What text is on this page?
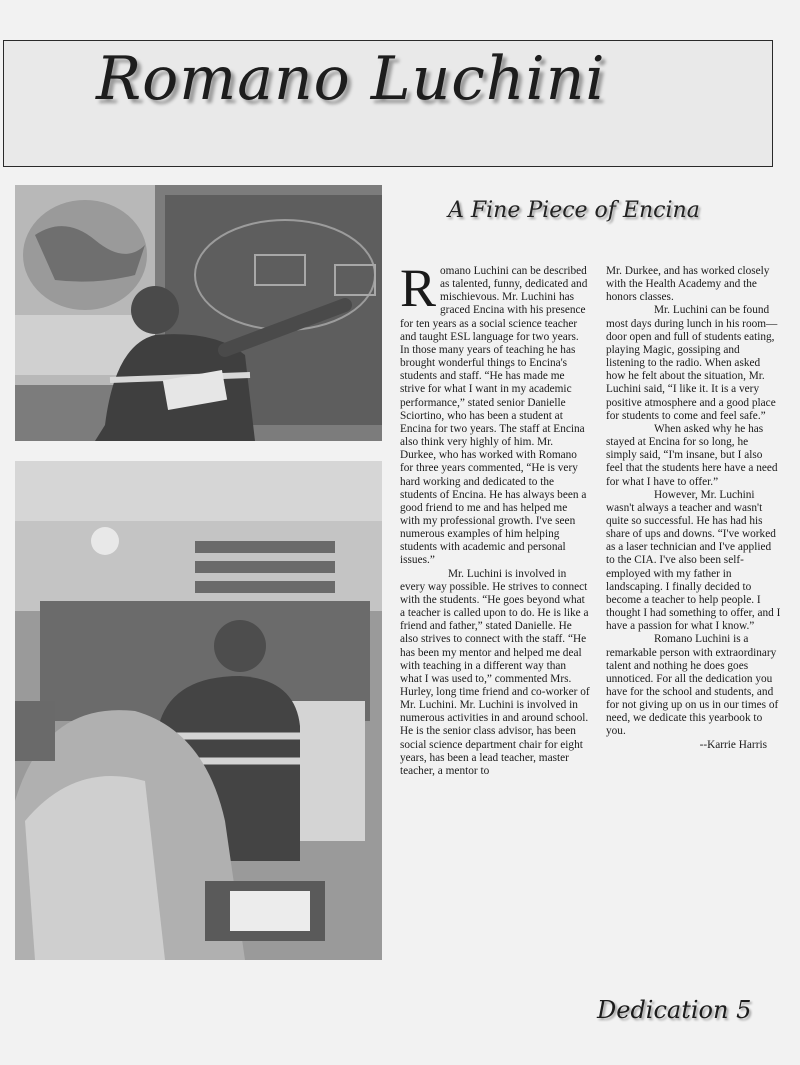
Romano Luchini
A Fine Piece of Encina

Romano Luchini can be described as talented, funny, dedicated and mischievous. Mr. Luchini has graced Encina with his presence for ten years as a social science teacher and taught ESL language for two years. In those many years of teaching he has brought wonderful things to Encina's students and staff. “He has made me strive for what I want in my academic performance,” stated senior Danielle Sciortino, who has been a student at Encina for two years. The staff at Encina also think very highly of him. Mr. Durkee, who has worked with Romano for three years commented, “He is very hard working and dedicated to the students of Encina. He has always been a good friend to me and has helped me with my professional growth. I've seen numerous examples of him helping students with academic and personal issues.”

Mr. Luchini is involved in every way possible. He strives to connect with the students. “He goes beyond what a teacher is called upon to do. He is like a friend and father,” stated Danielle. He also strives to connect with the staff. “He has been my mentor and helped me deal with teaching in a different way than what I was used to,” commented Mrs. Hurley, long time friend and co-worker of Mr. Luchini. Mr. Luchini is involved in numerous activities in and around school. He is the senior class advisor, has been social science department chair for eight years, has been a lead teacher, master teacher, a mentor to

Mr. Durkee, and has worked closely with the Health Academy and the honors classes.

Mr. Luchini can be found most days during lunch in his room—door open and full of students eating, playing Magic, gossiping and listening to the radio. When asked how he felt about the situation, Mr. Luchini said, “I like it. It is a very positive atmosphere and a good place for students to come and feel safe.”

When asked why he has stayed at Encina for so long, he simply said, “I'm insane, but I also feel that the students here have a need for what I have to offer.”

However, Mr. Luchini wasn't always a teacher and wasn't quite so successful. He has had his share of ups and downs. “I've worked as a laser technician and I've applied to the CIA. I've also been self-employed with my father in landscaping. I finally decided to become a teacher to help people. I thought I had something to offer, and I have a passion for what I know.”

Romano Luchini is a remarkable person with extraordinary talent and nothing he does goes unnoticed. For all the dedication you have for the school and students, and for not giving up on us in our times of need, we dedicate this yearbook to you.

--Karrie Harris

Dedication 5
